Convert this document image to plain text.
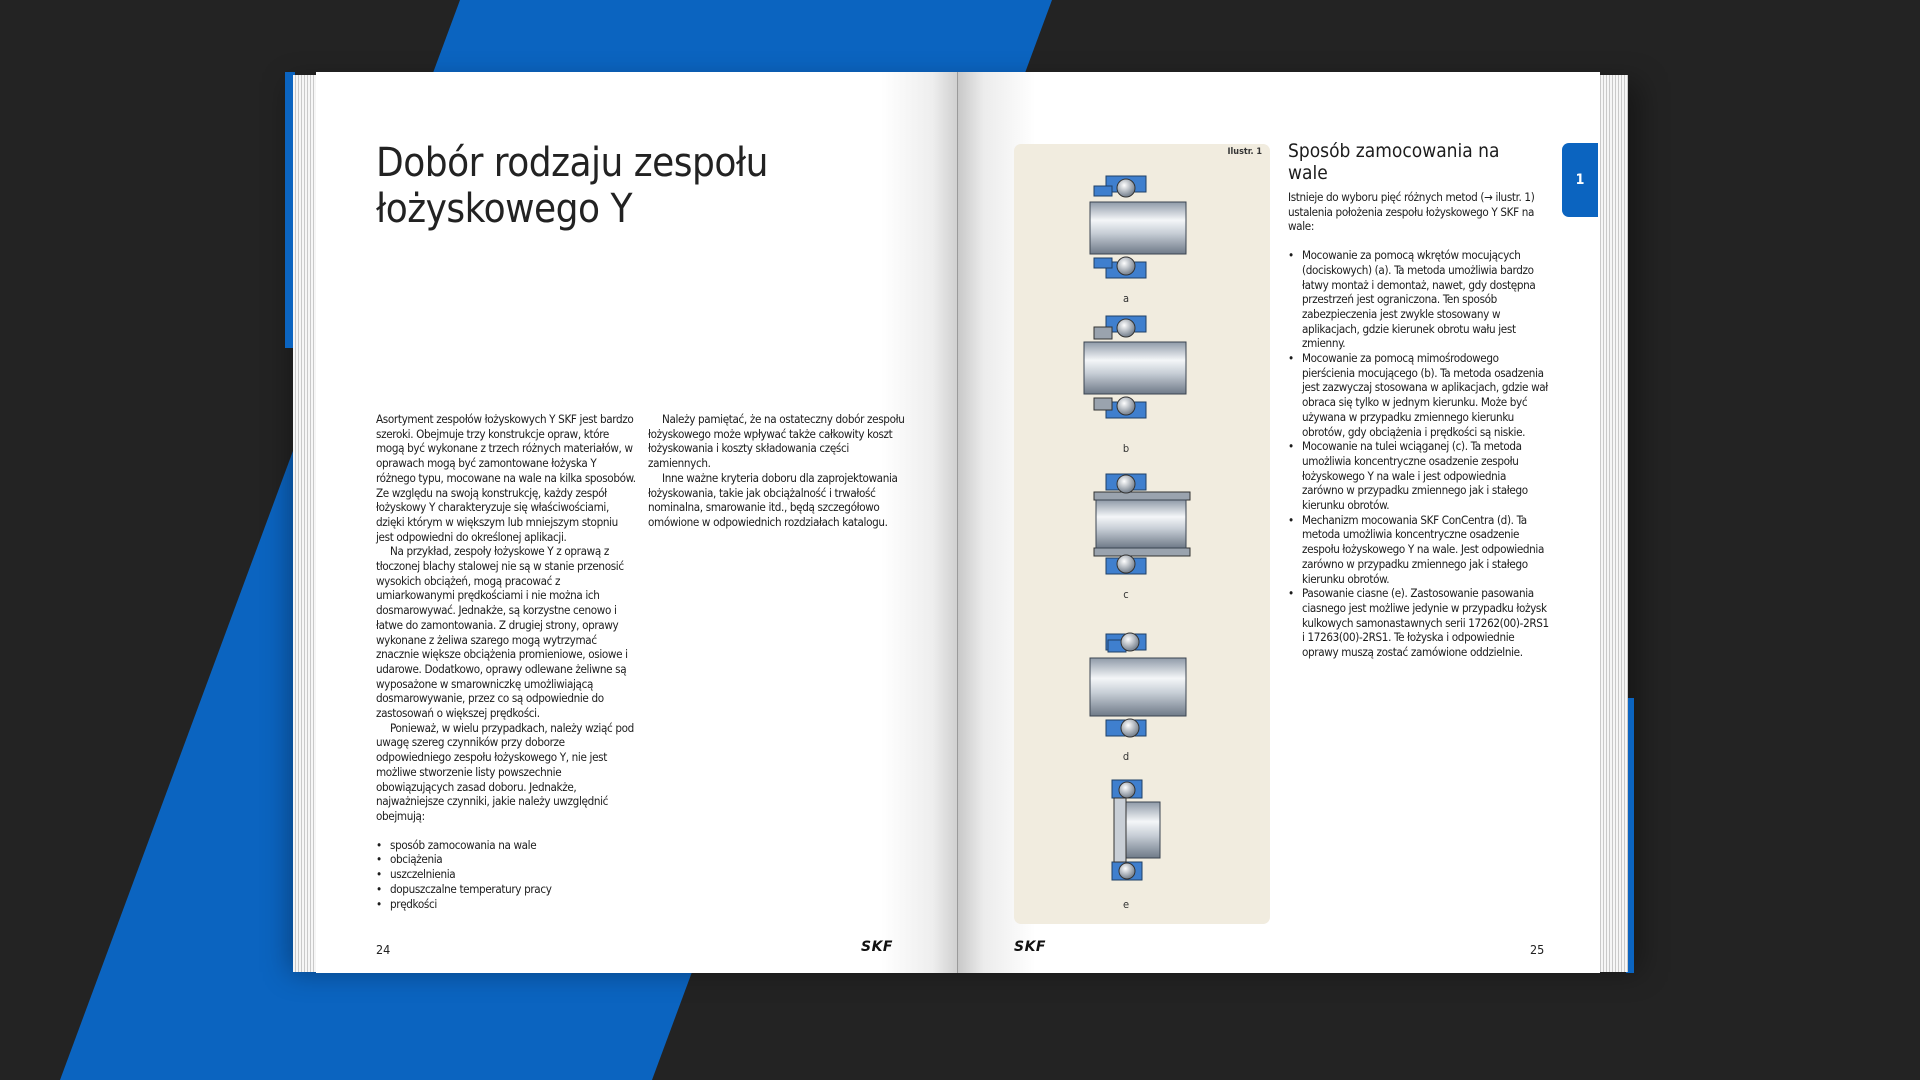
Dobór rodzaju zespołu
łożyskowego Y

Asortyment zespołów łożyskowych Y SKF jest bardzo szeroki. Obejmuje trzy konstrukcje opraw, które mogą być wykonane z trzech różnych materiałów, w oprawach mogą być zamontowane łożyska Y różnego typu, mocowane na wale na kilka sposobów. Ze względu na swoją konstrukcję, każdy zespół łożyskowy Y charakteryzuje się właściwościami, dzięki którym w większym lub mniejszym stopniu jest odpowiedni do określonej aplikacji.

Na przykład, zespoły łożyskowe Y z oprawą z tłoczonej blachy stalowej nie są w stanie przenosić wysokich obciążeń, mogą pracować z umiarkowanymi prędkościami i nie można ich dosmarowywać. Jednakże, są korzystne cenowo i łatwe do zamontowania. Z drugiej strony, oprawy wykonane z żeliwa szarego mogą wytrzymać znacznie większe obciążenia promieniowe, osiowe i udarowe. Dodatkowo, oprawy odlewane żeliwne są wyposażone w smarowniczkę umożliwiającą dosmarowywanie, przez co są odpowiednie do zastosowań o większej prędkości.

Ponieważ, w wielu przypadkach, należy wziąć pod uwagę szereg czynników przy doborze odpowiedniego zespołu łożyskowego Y, nie jest możliwe stworzenie listy powszechnie obowiązujących zasad doboru. Jednakże, najważniejsze czynniki, jakie należy uwzględnić obejmują:

• sposób zamocowania na wale
• obciążenia
• uszczelnienia
• dopuszczalne temperatury pracy
• prędkości

Należy pamiętać, że na ostateczny dobór zespołu łożyskowego może wpływać także całkowity koszt łożyskowania i koszty składowania części zamiennych.

Inne ważne kryteria doboru dla zaprojektowania łożyskowania, takie jak obciążalność i trwałość nominalna, smarowanie itd., będą szczegółowo omówione w odpowiednich rozdziałach katalogu.

24	SKF
Ilustr. 1
a
b
c
d
e
Sposób zamocowania na wale

Istnieje do wyboru pięć różnych metod (→ ilustr. 1) ustalenia położenia zespołu łożyskowego Y SKF na wale:

• Mocowanie za pomocą wkrętów mocujących (dociskowych) (a). Ta metoda umożliwia bardzo łatwy montaż i demontaż, nawet, gdy dostępna przestrzeń jest ograniczona. Ten sposób zabezpieczenia jest zwykle stosowany w aplikacjach, gdzie kierunek obrotu wału jest zmienny.
• Mocowanie za pomocą mimośrodowego pierścienia mocującego (b). Ta metoda osadzenia jest zazwyczaj stosowana w aplikacjach, gdzie wał obraca się tylko w jednym kierunku. Może być używana w przypadku zmiennego kierunku obrotów, gdy obciążenia i prędkości są niskie.
• Mocowanie na tulei wciąganej (c). Ta metoda umożliwia koncentryczne osadzenie zespołu łożyskowego Y na wale i jest odpowiednia zarówno w przypadku zmiennego jak i stałego kierunku obrotów.
• Mechanizm mocowania SKF ConCentra (d). Ta metoda umożliwia koncentryczne osadzenie zespołu łożyskowego Y na wale. Jest odpowiednia zarówno w przypadku zmiennego jak i stałego kierunku obrotów.
• Pasowanie ciasne (e). Zastosowanie pasowania ciasnego jest możliwe jedynie w przypadku łożysk kulkowych samonastawnych serii 17262(00)-2RS1 i 17263(00)-2RS1. Te łożyska i odpowiednie oprawy muszą zostać zamówione oddzielnie.
SKF	25
1
